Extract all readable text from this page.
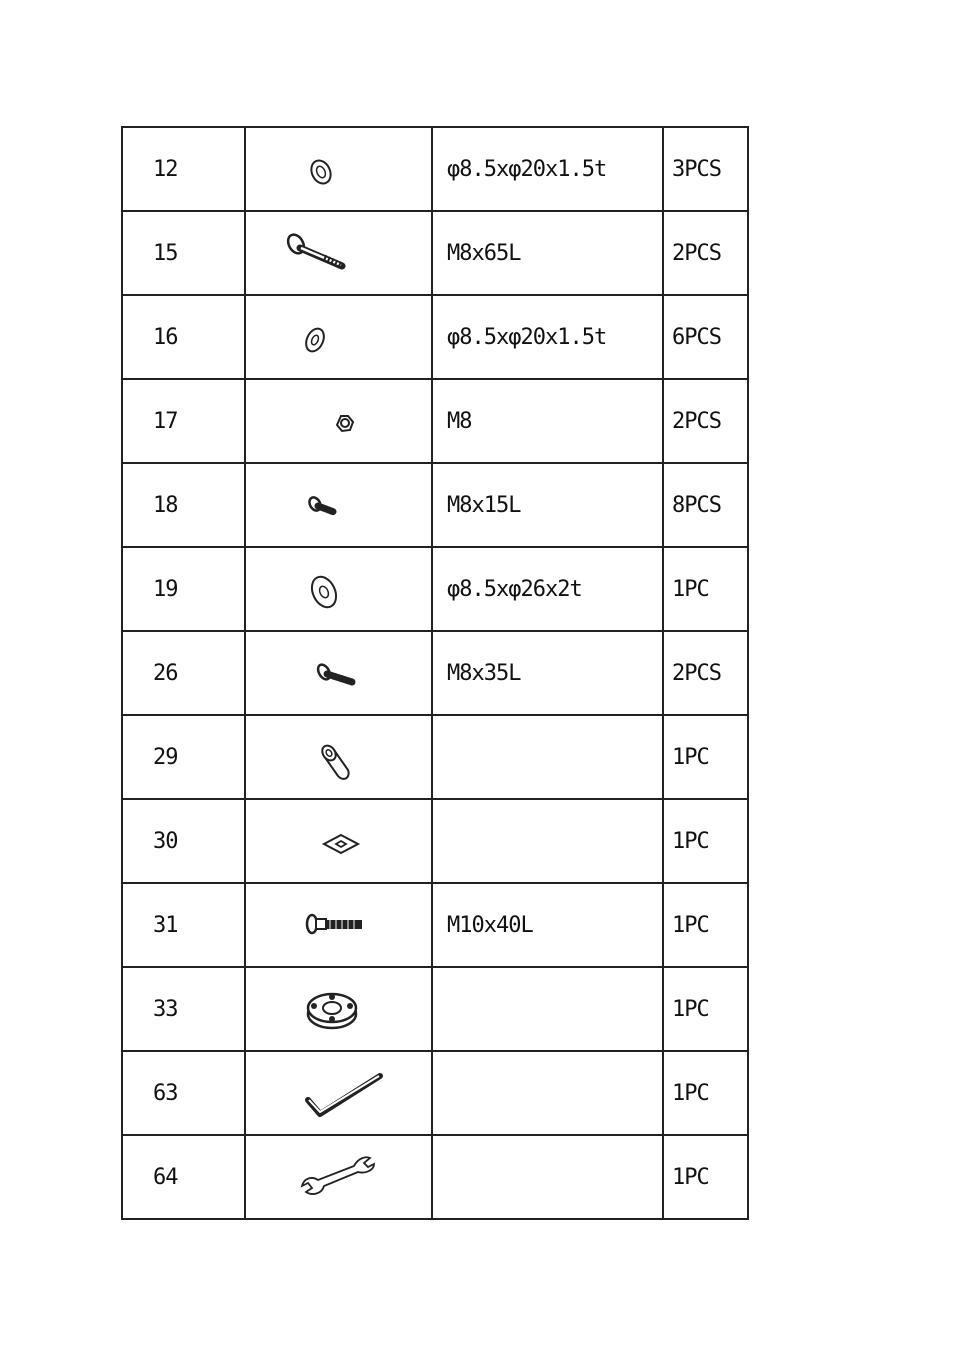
12		φ8.5xφ20x1.5t	3PCS
15		M8x65L	2PCS
16		φ8.5xφ20x1.5t	6PCS
17		M8	2PCS
18		M8x15L	8PCS
19		φ8.5xφ26x2t	1PC
26		M8x35L	2PCS
29			1PC
30			1PC
31		M10x40L	1PC
33			1PC
63			1PC
64			1PC
